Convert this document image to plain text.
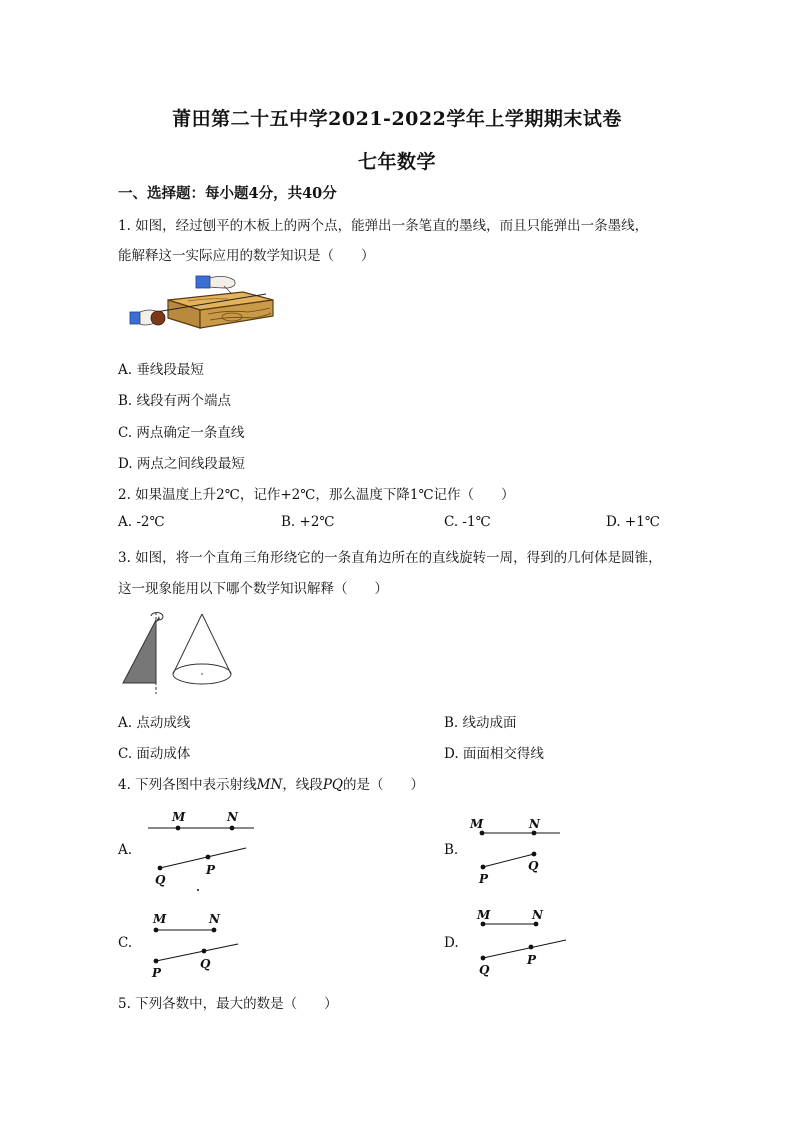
莆田第二十五中学2021-2022学年上学期期末试卷
七年数学
一、选择题：每小题4分，共40分
1. 如图，经过刨平的木板上的两个点，能弹出一条笔直的墨线，而且只能弹出一条墨线，
能解释这一实际应用的数学知识是（　　）
A. 垂线段最短
B. 线段有两个端点
C. 两点确定一条直线
D. 两点之间线段最短
2. 如果温度上升2℃，记作+2℃，那么温度下降1℃记作（　　）
A. -2℃	B. +2℃	C. -1℃	D. +1℃
3. 如图，将一个直角三角形绕它的一条直角边所在的直线旋转一周，得到的几何体是圆锥，
这一现象能用以下哪个数学知识解释（　　）
A. 点动成线	B. 线动成面
C. 面动成体	D. 面面相交得线
4. 下列各图中表示射线MN，线段PQ的是（　　）
A.
M	N
Q
P
B.
M	N
P
Q
C.
M	N
P
Q
D.
M	N
Q
P
5. 下列各数中，最大的数是（　　）
